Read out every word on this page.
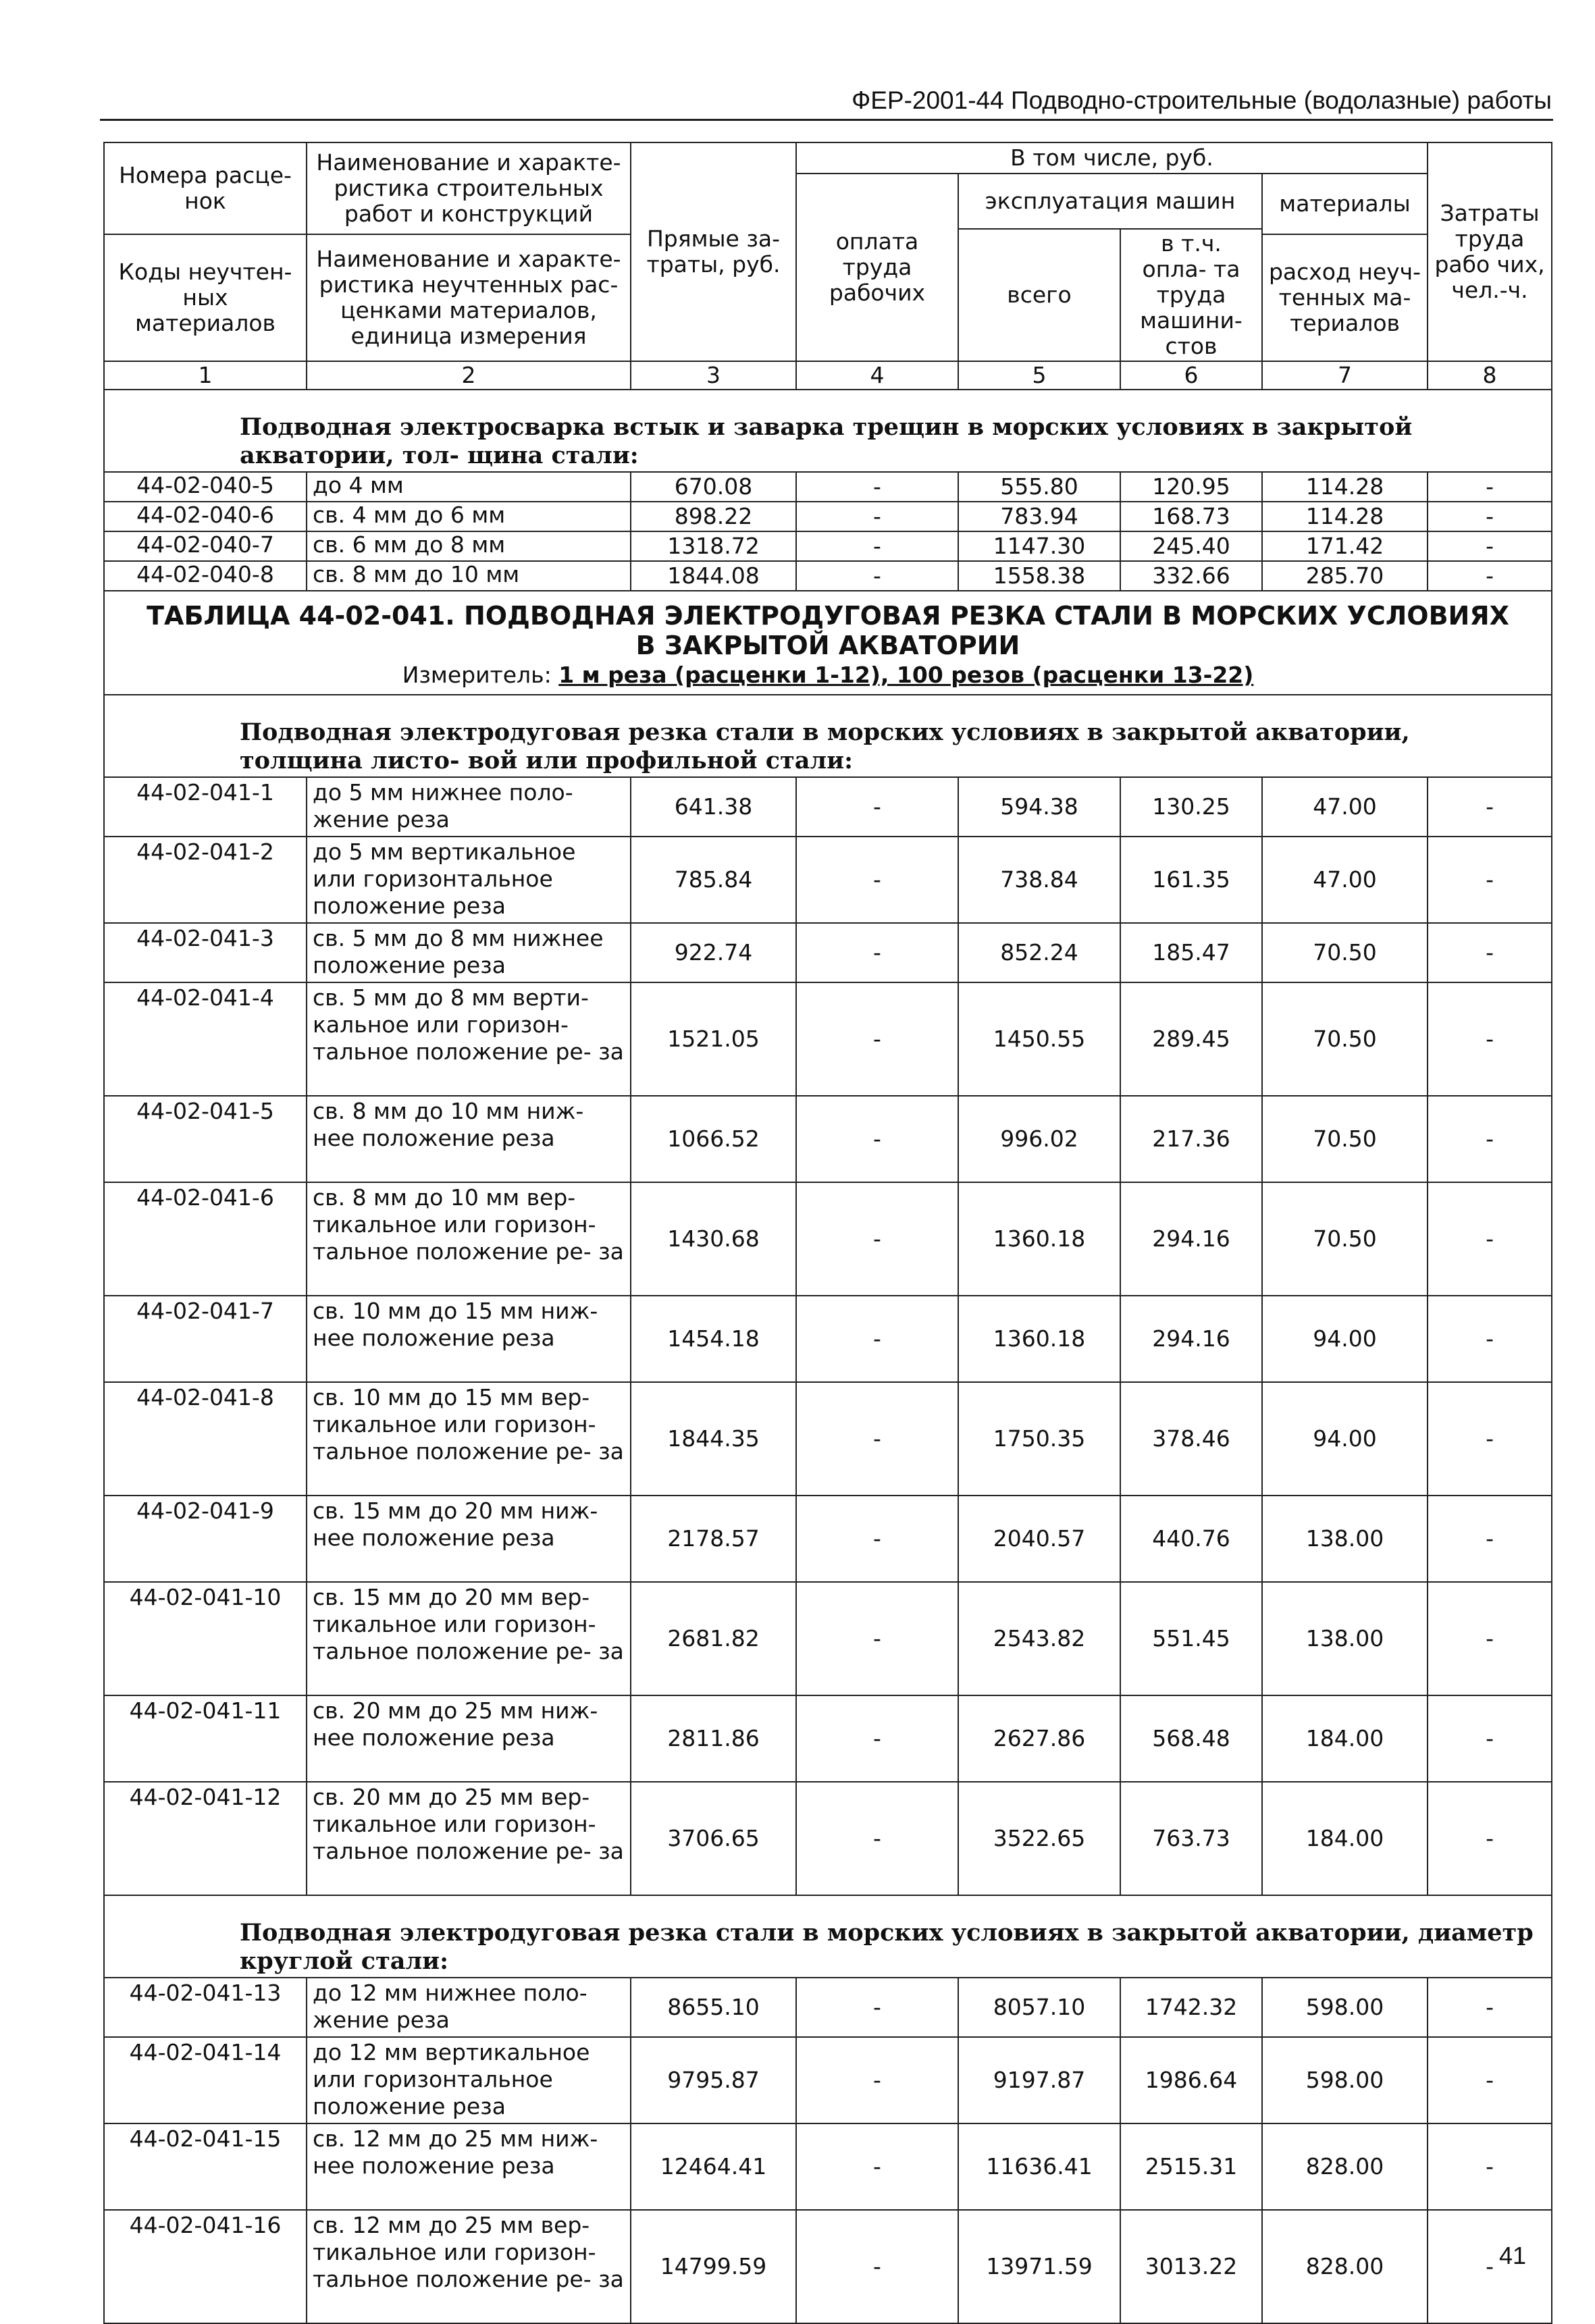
ФЕР-2001-44 Подводно-строительные (водолазные) работы
Номера расце- нок	Наименование и характе- ристика строительных работ и конструкций	Прямые за- траты, руб.	В том числе, руб.				Затраты труда рабо чих, чел.-ч.
			оплата труда рабочих	эксплуатация машин		материалы	
				всего	в т.ч. опла- та труда машини- стов		
Коды неучтен- ных материалов	Наименование и характе- ристика неучтенных рас- ценками материалов, единица измерения					расход неуч- тенных ма- териалов	

1	2	3	4	5	6	7	8
Подводная электросварка встык и заварка трещин в морских условиях в закрытой акватории, тол- щина стали:							
44-02-040-5	до 4 мм	670.08	-	555.80	120.95	114.28	-
44-02-040-6	св. 4 мм до 6 мм	898.22	-	783.94	168.73	114.28	-
44-02-040-7	св. 6 мм до 8 мм	1318.72	-	1147.30	245.40	171.42	-
44-02-040-8	св. 8 мм до 10 мм	1844.08	-	1558.38	332.66	285.70	-

ТАБЛИЦА 44-02-041. ПОДВОДНАЯ ЭЛЕКТРОДУГОВАЯ РЕЗКА СТАЛИ В МОРСКИХ УСЛОВИЯХ В ЗАКРЫТОЙ АКВАТОРИИ							

Измеритель: 1 м реза (расценки 1-12), 100 резов (расценки 13-22)							
Подводная электродуговая резка стали в морских условиях в закрытой акватории, толщина листо- вой или профильной стали:							
44-02-041-1	до 5 мм нижнее поло- жение реза	641.38	-	594.38	130.25	47.00	-
44-02-041-2	до 5 мм вертикальное или горизонтальное положение реза	785.84	-	738.84	161.35	47.00	-
44-02-041-3	св. 5 мм до 8 мм нижнее положение реза	922.74	-	852.24	185.47	70.50	-
44-02-041-4	св. 5 мм до 8 мм верти- кальное или горизон- тальное положение ре- за	1521.05	-	1450.55	289.45	70.50	-
44-02-041-5	св. 8 мм до 10 мм ниж- нее положение реза	1066.52	-	996.02	217.36	70.50	-
44-02-041-6	св. 8 мм до 10 мм вер- тикальное или горизон- тальное положение ре- за	1430.68	-	1360.18	294.16	70.50	-
44-02-041-7	св. 10 мм до 15 мм ниж- нее положение реза	1454.18	-	1360.18	294.16	94.00	-
44-02-041-8	св. 10 мм до 15 мм вер- тикальное или горизон- тальное положение ре- за	1844.35	-	1750.35	378.46	94.00	-
44-02-041-9	св. 15 мм до 20 мм ниж- нее положение реза	2178.57	-	2040.57	440.76	138.00	-
44-02-041-10	св. 15 мм до 20 мм вер- тикальное или горизон- тальное положение ре- за	2681.82	-	2543.82	551.45	138.00	-
44-02-041-11	св. 20 мм до 25 мм ниж- нее положение реза	2811.86	-	2627.86	568.48	184.00	-
44-02-041-12	св. 20 мм до 25 мм вер- тикальное или горизон- тальное положение ре- за	3706.65	-	3522.65	763.73	184.00	-
Подводная электродуговая резка стали в морских условиях в закрытой акватории, диаметр круглой стали:							
44-02-041-13	до 12 мм нижнее поло- жение реза	8655.10	-	8057.10	1742.32	598.00	-
44-02-041-14	до 12 мм вертикальное или горизонтальное положение реза	9795.87	-	9197.87	1986.64	598.00	-
44-02-041-15	св. 12 мм до 25 мм ниж- нее положение реза	12464.41	-	11636.41	2515.31	828.00	-
44-02-041-16	св. 12 мм до 25 мм вер- тикальное или горизон- тальное положение ре- за	14799.59	-	13971.59	3013.22	828.00	- 41
